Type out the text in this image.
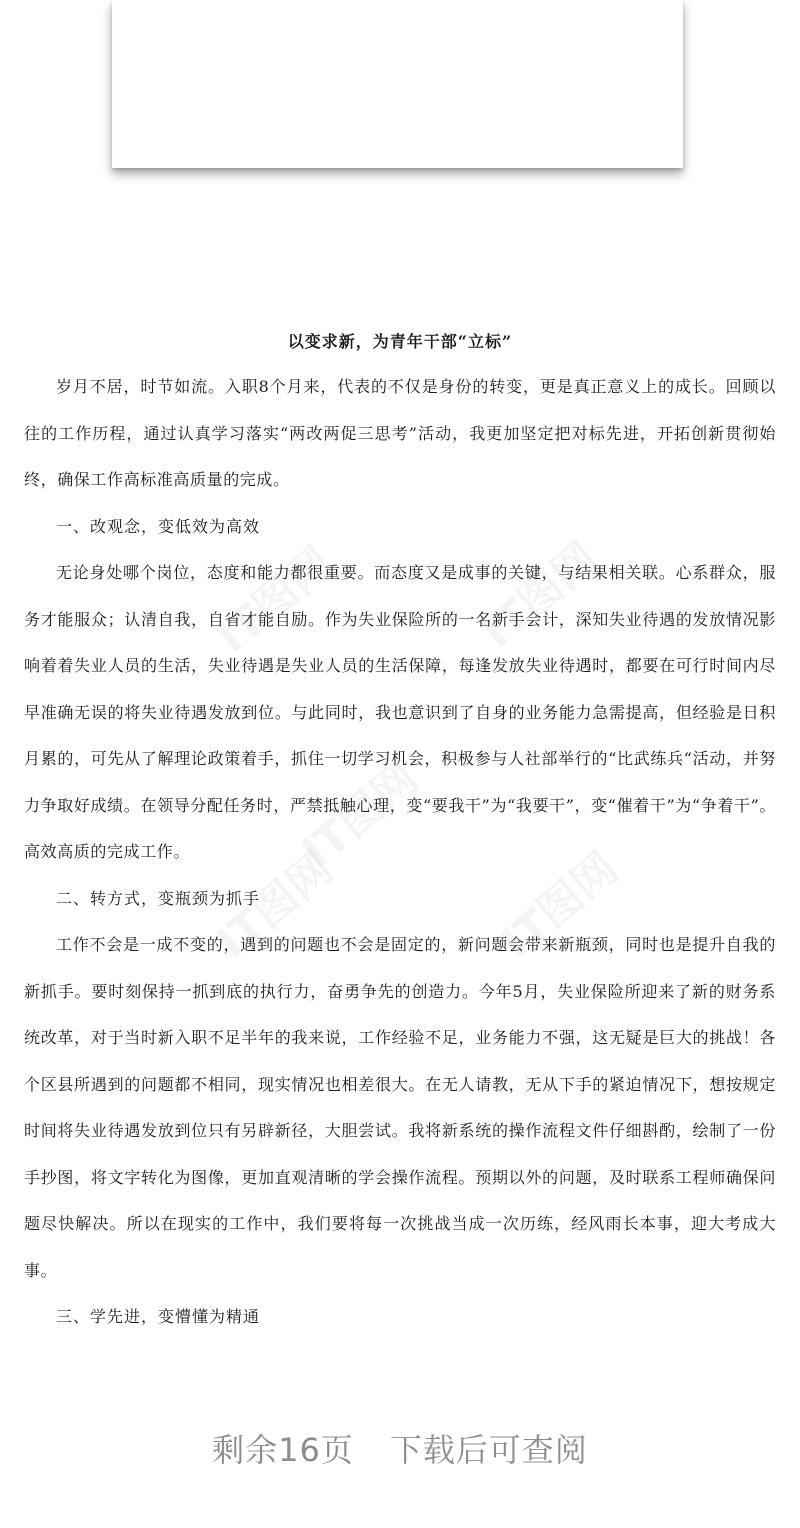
以变求新，为青年干部“立标”

岁月不居，时节如流。入职8个月来，代表的不仅是身份的转变，更是真正意义上的成长。回顾以往的工作历程，通过认真学习落实“两改两促三思考”活动，我更加坚定把对标先进，开拓创新贯彻始终，确保工作高标准高质量的完成。

一、改观念，变低效为高效

无论身处哪个岗位，态度和能力都很重要。而态度又是成事的关键，与结果相关联。心系群众，服务才能服众；认清自我，自省才能自励。作为失业保险所的一名新手会计，深知失业待遇的发放情况影响着着失业人员的生活，失业待遇是失业人员的生活保障，每逢发放失业待遇时，都要在可行时间内尽早准确无误的将失业待遇发放到位。与此同时，我也意识到了自身的业务能力急需提高，但经验是日积月累的，可先从了解理论政策着手，抓住一切学习机会，积极参与人社部举行的“比武练兵“活动，并努力争取好成绩。在领导分配任务时，严禁抵触心理，变“要我干”为“我要干”，变“催着干”为“争着干”。高效高质的完成工作。

二、转方式，变瓶颈为抓手

工作不会是一成不变的，遇到的问题也不会是固定的，新问题会带来新瓶颈，同时也是提升自我的新抓手。要时刻保持一抓到底的执行力，奋勇争先的创造力。今年5月，失业保险所迎来了新的财务系统改革，对于当时新入职不足半年的我来说，工作经验不足，业务能力不强，这无疑是巨大的挑战！各个区县所遇到的问题都不相同，现实情况也相差很大。在无人请教，无从下手的紧迫情况下，想按规定时间将失业待遇发放到位只有另辟新径，大胆尝试。我将新系统的操作流程文件仔细斟酌，绘制了一份手抄图，将文字转化为图像，更加直观清晰的学会操作流程。预期以外的问题，及时联系工程师确保问题尽快解决。所以在现实的工作中，我们要将每一次挑战当成一次历练，经风雨长本事，迎大考成大事。

三、学先进，变懵懂为精通

剩余16页 下载后可查阅
